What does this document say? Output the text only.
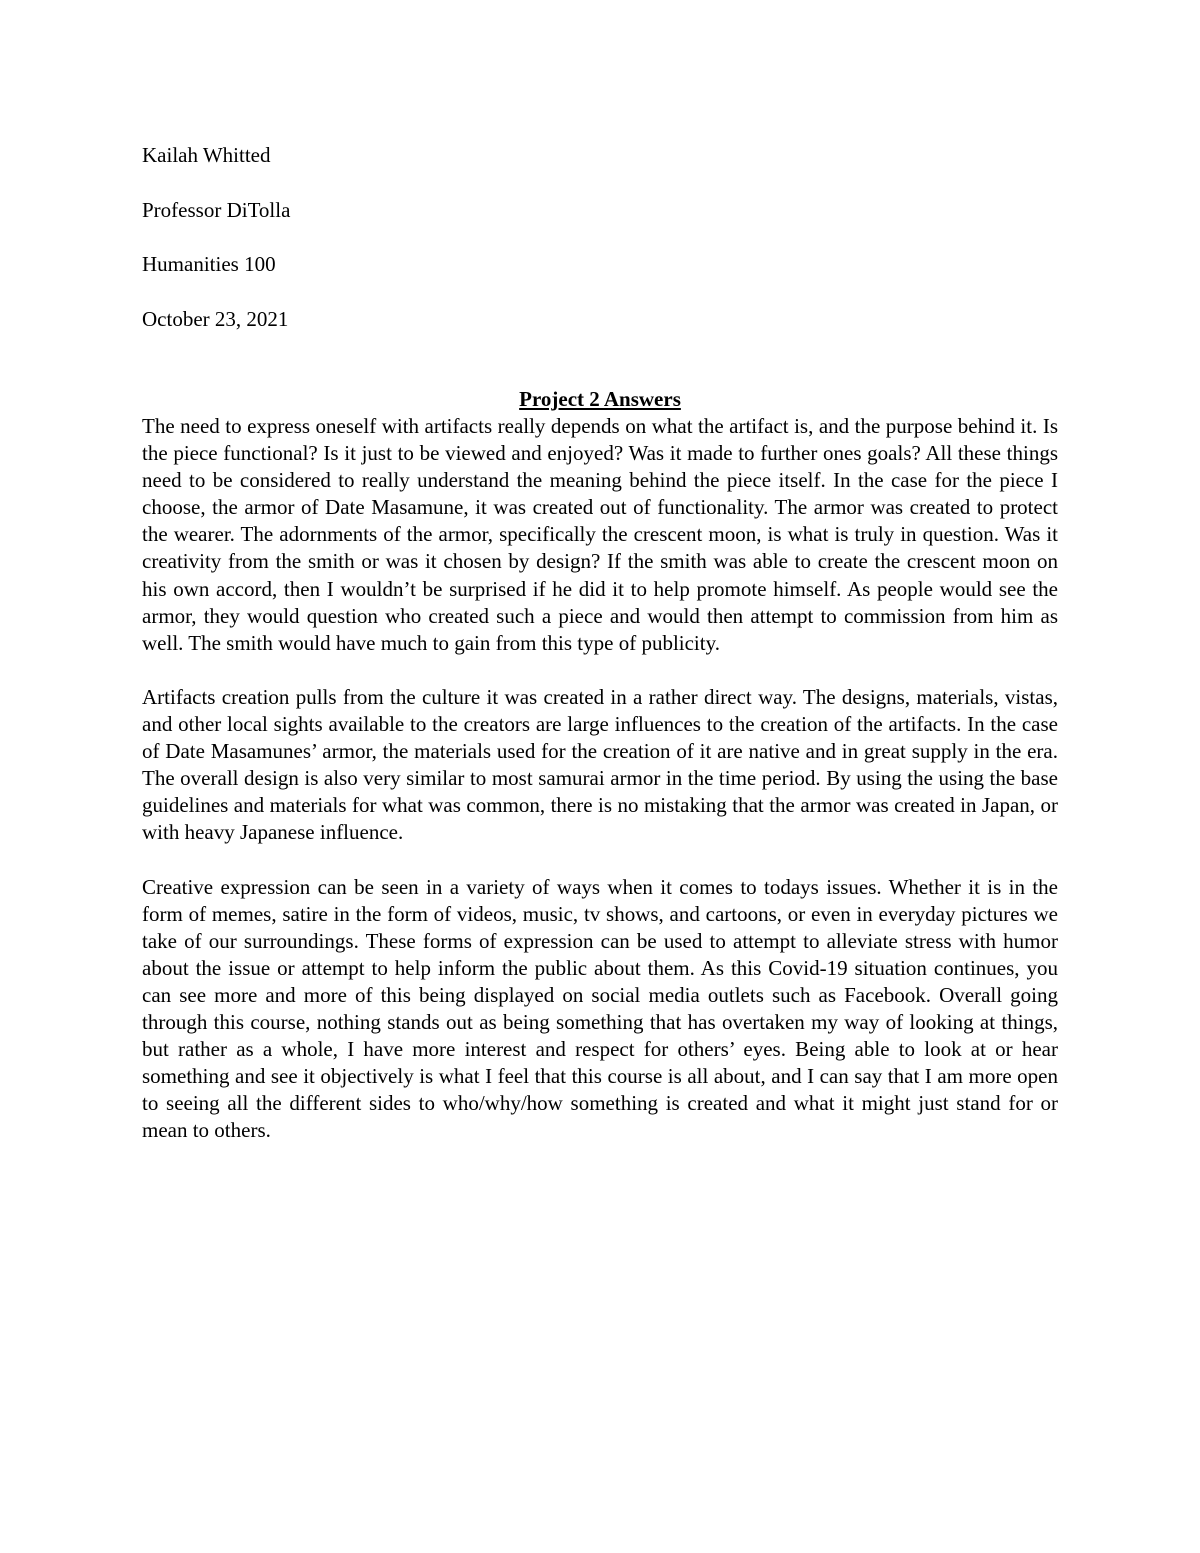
Kailah Whitted
Professor DiTolla
Humanities 100
October 23, 2021
Project 2 Answers

The need to express oneself with artifacts really depends on what the artifact is, and the purpose behind it. Is the piece functional? Is it just to be viewed and enjoyed? Was it made to further ones goals? All these things need to be considered to really understand the meaning behind the piece itself. In the case for the piece I choose, the armor of Date Masamune, it was created out of functionality. The armor was created to protect the wearer. The adornments of the armor, specifically the crescent moon, is what is truly in question. Was it creativity from the smith or was it chosen by design? If the smith was able to create the crescent moon on his own accord, then I wouldn’t be surprised if he did it to help promote himself. As people would see the armor, they would question who created such a piece and would then attempt to commission from him as well. The smith would have much to gain from this type of publicity.

Artifacts creation pulls from the culture it was created in a rather direct way. The designs, materials, vistas, and other local sights available to the creators are large influences to the creation of the artifacts. In the case of Date Masamunes’ armor, the materials used for the creation of it are native and in great supply in the era. The overall design is also very similar to most samurai armor in the time period. By using the using the base guidelines and materials for what was common, there is no mistaking that the armor was created in Japan, or with heavy Japanese influence.

Creative expression can be seen in a variety of ways when it comes to todays issues. Whether it is in the form of memes, satire in the form of videos, music, tv shows, and cartoons, or even in everyday pictures we take of our surroundings. These forms of expression can be used to attempt to alleviate stress with humor about the issue or attempt to help inform the public about them. As this Covid-19 situation continues, you can see more and more of this being displayed on social media outlets such as Facebook. Overall going through this course, nothing stands out as being something that has overtaken my way of looking at things, but rather as a whole, I have more interest and respect for others’ eyes. Being able to look at or hear something and see it objectively is what I feel that this course is all about, and I can say that I am more open to seeing all the different sides to who/why/how something is created and what it might just stand for or mean to others.
